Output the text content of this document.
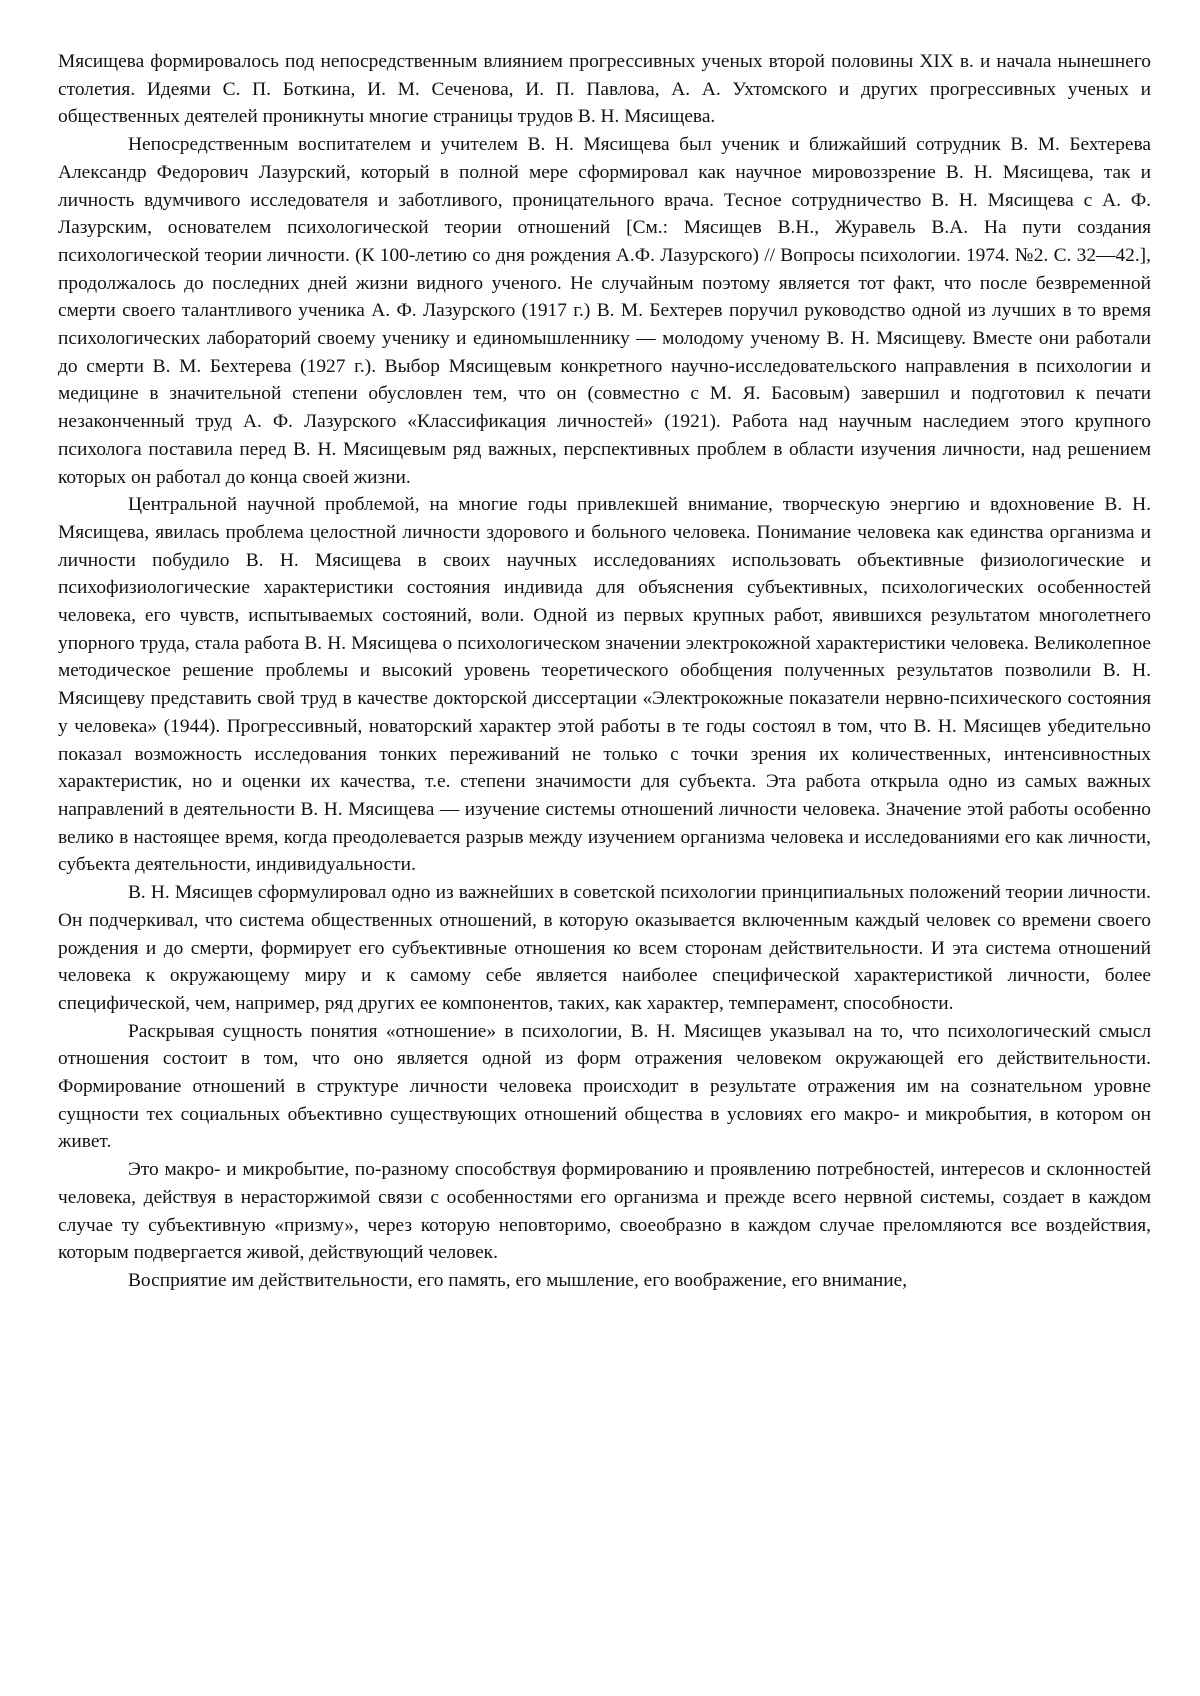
Мясищева формировалось под непосредственным влиянием прогрессивных ученых второй половины XIX в. и начала нынешнего столетия. Идеями С. П. Боткина, И. М. Сеченова, И. П. Павлова, А. А. Ухтомского и других прогрессивных ученых и общественных деятелей проникнуты многие страницы трудов В. Н. Мясищева.

Непосредственным воспитателем и учителем В. Н. Мясищева был ученик и ближайший сотрудник В. М. Бехтерева Александр Федорович Лазурский, который в полной мере сформировал как научное мировоззрение В. Н. Мясищева, так и личность вдумчивого исследователя и заботливого, проницательного врача. Тесное сотрудничество В. Н. Мясищева с А. Ф. Лазурским, основателем психологической теории отношений [См.: Мясищев В.Н., Журавель В.А. На пути создания психологической теории личности. (К 100-летию со дня рождения А.Ф. Лазурского) // Вопросы психологии. 1974. №2. С. 32—42.], продолжалось до последних дней жизни видного ученого. Не случайным поэтому является тот факт, что после безвременной смерти своего талантливого ученика А. Ф. Лазурского (1917 г.) В. М. Бехтерев поручил руководство одной из лучших в то время психологических лабораторий своему ученику и единомышленнику — молодому ученому В. Н. Мясищеву. Вместе они работали до смерти В. М. Бехтерева (1927 г.). Выбор Мясищевым конкретного научно-исследовательского направления в психологии и медицине в значительной степени обусловлен тем, что он (совместно с М. Я. Басовым) завершил и подготовил к печати незаконченный труд А. Ф. Лазурского «Классификация личностей» (1921). Работа над научным наследием этого крупного психолога поставила перед В. Н. Мясищевым ряд важных, перспективных проблем в области изучения личности, над решением которых он работал до конца своей жизни.

Центральной научной проблемой, на многие годы привлекшей внимание, творческую энергию и вдохновение В. Н. Мясищева, явилась проблема целостной личности здорового и больного человека. Понимание человека как единства организма и личности побудило В. Н. Мясищева в своих научных исследованиях использовать объективные физиологические и психофизиологические характеристики состояния индивида для объяснения субъективных, психологических особенностей человека, его чувств, испытываемых состояний, воли. Одной из первых крупных работ, явившихся результатом многолетнего упорного труда, стала работа В. Н. Мясищева о психологическом значении электрокожной характеристики человека. Великолепное методическое решение проблемы и высокий уровень теоретического обобщения полученных результатов позволили В. Н. Мясищеву представить свой труд в качестве докторской диссертации «Электрокожные показатели нервно-психического состояния у человека» (1944). Прогрессивный, новаторский характер этой работы в те годы состоял в том, что В. Н. Мясищев убедительно показал возможность исследования тонких переживаний не только с точки зрения их количественных, интенсивностных характеристик, но и оценки их качества, т.е. степени значимости для субъекта. Эта работа открыла одно из самых важных направлений в деятельности В. Н. Мясищева — изучение системы отношений личности человека. Значение этой работы особенно велико в настоящее время, когда преодолевается разрыв между изучением организма человека и исследованиями его как личности, субъекта деятельности, индивидуальности.

В. Н. Мясищев сформулировал одно из важнейших в советской психологии принципиальных положений теории личности. Он подчеркивал, что система общественных отношений, в которую оказывается включенным каждый человек со времени своего рождения и до смерти, формирует его субъективные отношения ко всем сторонам действительности. И эта система отношений человека к окружающему миру и к самому себе является наиболее специфической характеристикой личности, более специфической, чем, например, ряд других ее компонентов, таких, как характер, темперамент, способности.

Раскрывая сущность понятия «отношение» в психологии, В. Н. Мясищев указывал на то, что психологический смысл отношения состоит в том, что оно является одной из форм отражения человеком окружающей его действительности. Формирование отношений в структуре личности человека происходит в результате отражения им на сознательном уровне сущности тех социальных объективно существующих отношений общества в условиях его макро- и микробытия, в котором он живет.

Это макро- и микробытие, по-разному способствуя формированию и проявлению потребностей, интересов и склонностей человека, действуя в нерасторжимой связи с особенностями его организма и прежде всего нервной системы, создает в каждом случае ту субъективную «призму», через которую неповторимо, своеобразно в каждом случае преломляются все воздействия, которым подвергается живой, действующий человек.

Восприятие им действительности, его память, его мышление, его воображение, его внимание,
